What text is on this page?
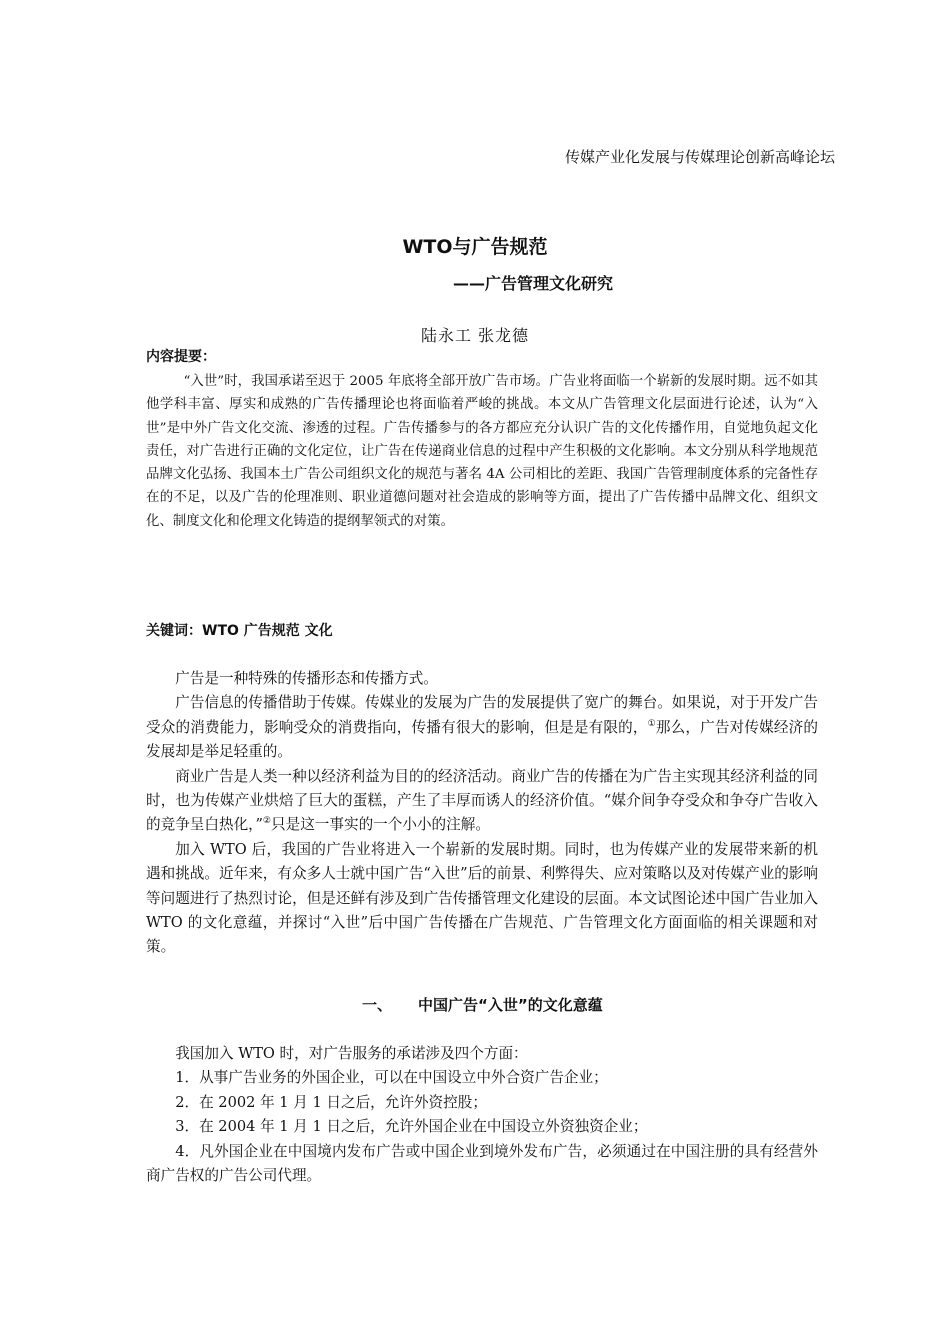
传媒产业化发展与传媒理论创新高峰论坛
WTO与广告规范
——广告管理文化研究
陆永工 张龙德
内容提要：

“入世”时，我国承诺至迟于 2005 年底将全部开放广告市场。广告业将面临一个崭新的发展时期。远不如其他学科丰富、厚实和成熟的广告传播理论也将面临着严峻的挑战。本文从广告管理文化层面进行论述，认为“入世”是中外广告文化交流、渗透的过程。广告传播参与的各方都应充分认识广告的文化传播作用，自觉地负起文化责任，对广告进行正确的文化定位，让广告在传递商业信息的过程中产生积极的文化影响。本文分别从科学地规范品牌文化弘扬、我国本土广告公司组织文化的规范与著名 4A 公司相比的差距、我国广告管理制度体系的完备性存在的不足，以及广告的伦理准则、职业道德问题对社会造成的影响等方面，提出了广告传播中品牌文化、组织文化、制度文化和伦理文化铸造的提纲挈领式的对策。

关键词：WTO 广告规范 文化

广告是一种特殊的传播形态和传播方式。

广告信息的传播借助于传媒。传媒业的发展为广告的发展提供了宽广的舞台。如果说，对于开发广告受众的消费能力，影响受众的消费指向，传播有很大的影响，但是是有限的，①那么，广告对传媒经济的发展却是举足轻重的。

商业广告是人类一种以经济利益为目的的经济活动。商业广告的传播在为广告主实现其经济利益的同时，也为传媒产业烘焙了巨大的蛋糕，产生了丰厚而诱人的经济价值。“媒介间争夺受众和争夺广告收入的竞争呈白热化，”②只是这一事实的一个小小的注解。

加入 WTO 后，我国的广告业将进入一个崭新的发展时期。同时，也为传媒产业的发展带来新的机遇和挑战。近年来，有众多人士就中国广告“入世”后的前景、利弊得失、应对策略以及对传媒产业的影响等问题进行了热烈讨论，但是还鲜有涉及到广告传播管理文化建设的层面。本文试图论述中国广告业加入 WTO 的文化意蕴，并探讨“入世”后中国广告传播在广告规范、广告管理文化方面面临的相关课题和对策。

一、 中国广告“入世”的文化意蕴

我国加入 WTO 时，对广告服务的承诺涉及四个方面：

1．从事广告业务的外国企业，可以在中国设立中外合资广告企业；

2．在 2002 年 1 月 1 日之后，允许外资控股；

3．在 2004 年 1 月 1 日之后，允许外国企业在中国设立外资独资企业；

4．凡外国企业在中国境内发布广告或中国企业到境外发布广告，必须通过在中国注册的具有经营外商广告权的广告公司代理。
